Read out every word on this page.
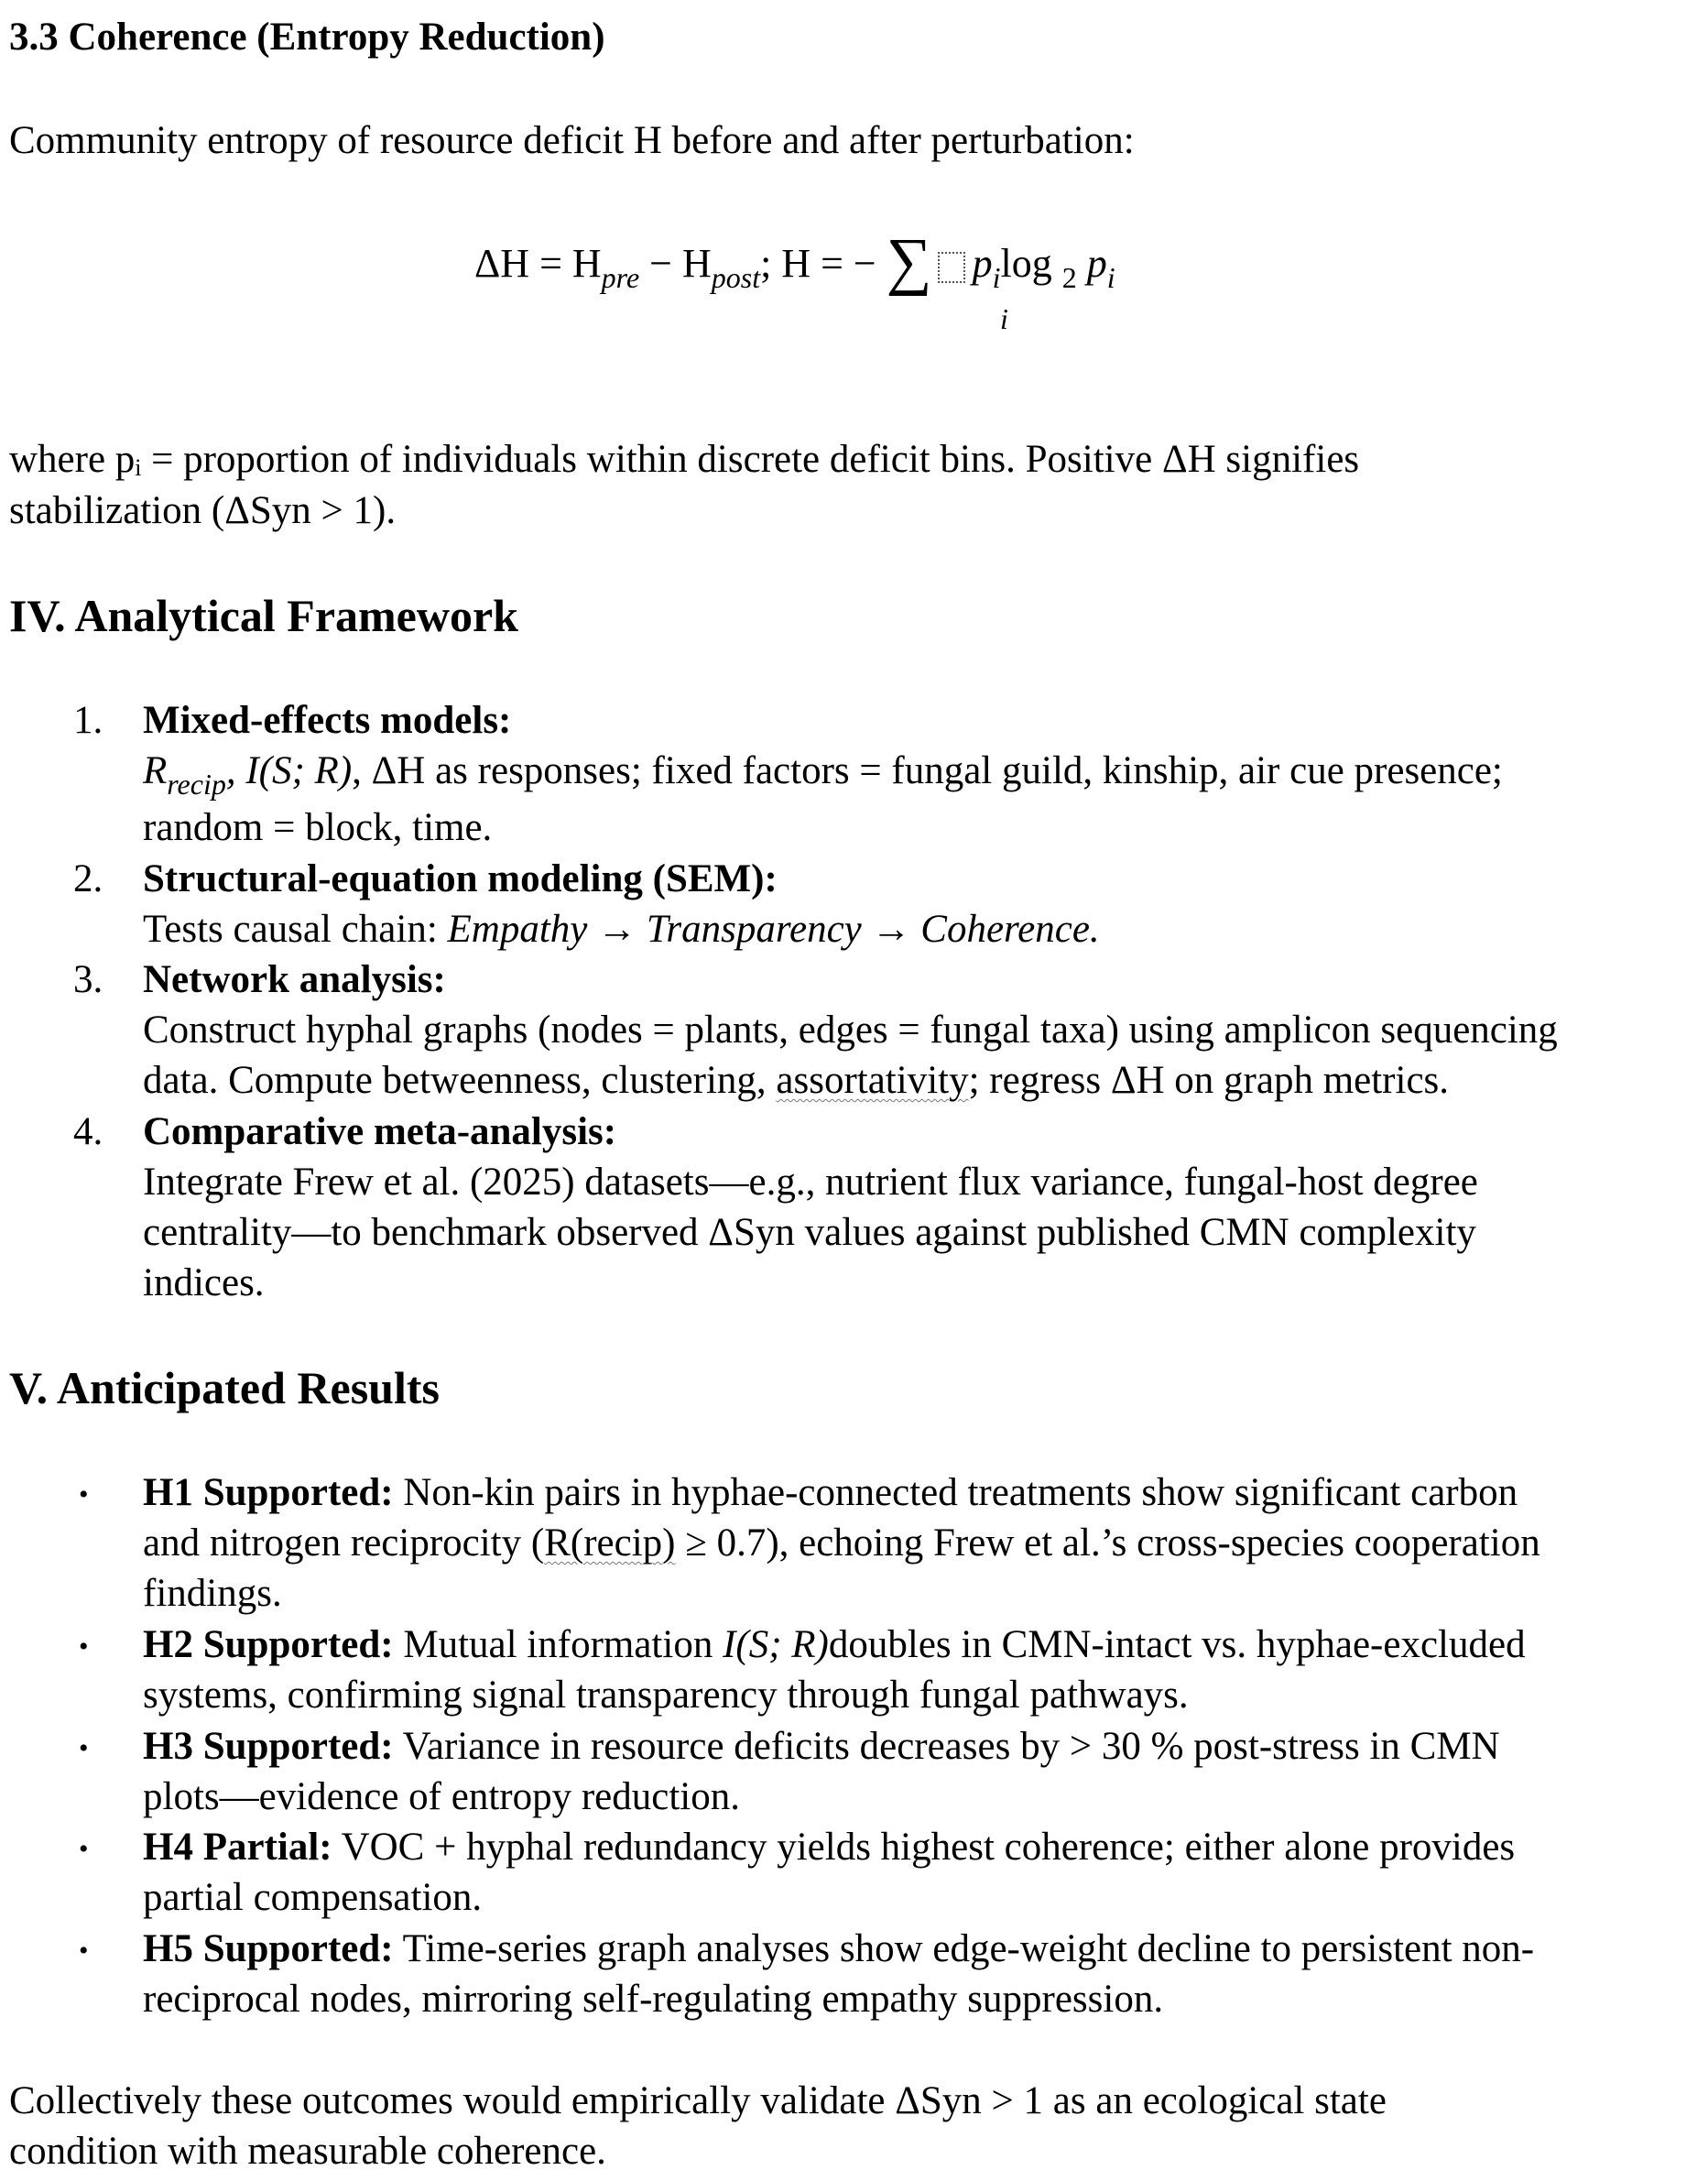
3.3 Coherence (Entropy Reduction)
Community entropy of resource deficit H before and after perturbation:
$\Delta H = H_{pre} - H_{post}$; H = − ∑ $p_i\log$ $_2$ $p_i$
i
where pᵢ = proportion of individuals within discrete deficit bins. Positive ΔH signifies
stabilization (ΔSyn > 1).
IV. Analytical Framework
1. Mixed-effects models:
$R_{recip}$, I(S; R), ΔH as responses; fixed factors = fungal guild, kinship, air cue presence;
random = block, time.
2. Structural-equation modeling (SEM):
Tests causal chain: Empathy → Transparency → Coherence.
3. Network analysis:
Construct hyphal graphs (nodes = plants, edges = fungal taxa) using amplicon sequencing
data. Compute betweenness, clustering, assortativity; regress ΔH on graph metrics.
4. Comparative meta-analysis:
Integrate Frew et al. (2025) datasets—e.g., nutrient flux variance, fungal-host degree
centrality—to benchmark observed ΔSyn values against published CMN complexity
indices.
V. Anticipated Results
• H1 Supported: Non-kin pairs in hyphae-connected treatments show significant carbon
and nitrogen reciprocity (R(recip) ≥ 0.7), echoing Frew et al.’s cross-species cooperation
findings.
• H2 Supported: Mutual information I(S; R)doubles in CMN-intact vs. hyphae-excluded
systems, confirming signal transparency through fungal pathways.
• H3 Supported: Variance in resource deficits decreases by > 30 % post-stress in CMN
plots—evidence of entropy reduction.
• H4 Partial: VOC + hyphal redundancy yields highest coherence; either alone provides
partial compensation.
• H5 Supported: Time-series graph analyses show edge-weight decline to persistent non-
reciprocal nodes, mirroring self-regulating empathy suppression.
Collectively these outcomes would empirically validate ΔSyn > 1 as an ecological state
condition with measurable coherence.
